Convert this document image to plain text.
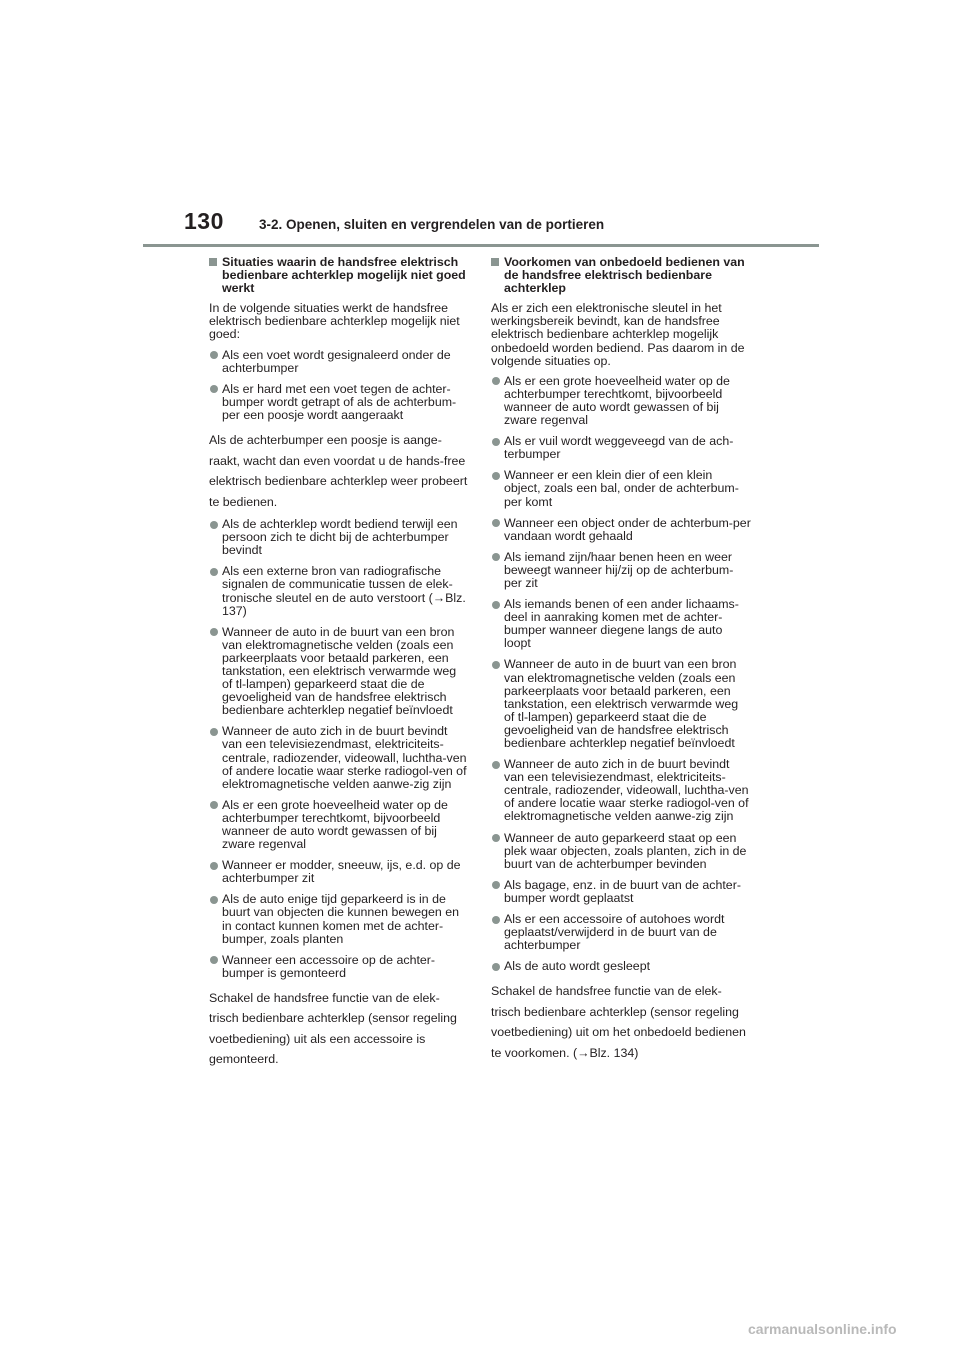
130	3-2. Openen, sluiten en vergrendelen van de portieren
Situaties waarin de handsfree elektrisch bedienbare achterklep mogelijk niet goed werkt

In de volgende situaties werkt de handsfree elektrisch bedienbare achterklep mogelijk niet goed:

Als een voet wordt gesignaleerd onder de achterbumper
Als er hard met een voet tegen de achter-bumper wordt getrapt of als de achterbum-per een poosje wordt aangeraakt

Als de achterbumper een poosje is aange-raakt, wacht dan even voordat u de hands-free elektrisch bedienbare achterklep weer probeert te bedienen.

Als de achterklep wordt bediend terwijl een persoon zich te dicht bij de achterbumper bevindt
Als een externe bron van radiografische signalen de communicatie tussen de elek-tronische sleutel en de auto verstoort (→Blz. 137)
Wanneer de auto in de buurt van een bron van elektromagnetische velden (zoals een parkeerplaats voor betaald parkeren, een tankstation, een elektrisch verwarmde weg of tl-lampen) geparkeerd staat die de gevoeligheid van de handsfree elektrisch bedienbare achterklep negatief beïnvloedt
Wanneer de auto zich in de buurt bevindt van een televisiezendmast, elektriciteits-centrale, radiozender, videowall, luchtha-ven of andere locatie waar sterke radiogol-ven of elektromagnetische velden aanwe-zig zijn
Als er een grote hoeveelheid water op de achterbumper terechtkomt, bijvoorbeeld wanneer de auto wordt gewassen of bij zware regenval
Wanneer er modder, sneeuw, ijs, e.d. op de achterbumper zit
Als de auto enige tijd geparkeerd is in de buurt van objecten die kunnen bewegen en in contact kunnen komen met de achter-bumper, zoals planten
Wanneer een accessoire op de achter-bumper is gemonteerd

Schakel de handsfree functie van de elek-trisch bedienbare achterklep (sensor regeling voetbediening) uit als een accessoire is gemonteerd.

Voorkomen van onbedoeld bedienen van de handsfree elektrisch bedienbare achterklep

Als er zich een elektronische sleutel in het werkingsbereik bevindt, kan de handsfree elektrisch bedienbare achterklep mogelijk onbedoeld worden bediend. Pas daarom in de volgende situaties op.

Als er een grote hoeveelheid water op de achterbumper terechtkomt, bijvoorbeeld wanneer de auto wordt gewassen of bij zware regenval
Als er vuil wordt weggeveegd van de ach-terbumper
Wanneer er een klein dier of een klein object, zoals een bal, onder de achterbum-per komt
Wanneer een object onder de achterbum-per vandaan wordt gehaald
Als iemand zijn/haar benen heen en weer beweegt wanneer hij/zij op de achterbum-per zit
Als iemands benen of een ander lichaams-deel in aanraking komen met de achter-bumper wanneer diegene langs de auto loopt
Wanneer de auto in de buurt van een bron van elektromagnetische velden (zoals een parkeerplaats voor betaald parkeren, een tankstation, een elektrisch verwarmde weg of tl-lampen) geparkeerd staat die de gevoeligheid van de handsfree elektrisch bedienbare achterklep negatief beïnvloedt
Wanneer de auto zich in de buurt bevindt van een televisiezendmast, elektriciteits-centrale, radiozender, videowall, luchtha-ven of andere locatie waar sterke radiogol-ven of elektromagnetische velden aanwe-zig zijn
Wanneer de auto geparkeerd staat op een plek waar objecten, zoals planten, zich in de buurt van de achterbumper bevinden
Als bagage, enz. in de buurt van de achter-bumper wordt geplaatst
Als er een accessoire of autohoes wordt geplaatst/verwijderd in de buurt van de achterbumper
Als de auto wordt gesleept

Schakel de handsfree functie van de elek-trisch bedienbare achterklep (sensor regeling voetbediening) uit om het onbedoeld bedienen te voorkomen. (→Blz. 134)

carmanualsonline.info
